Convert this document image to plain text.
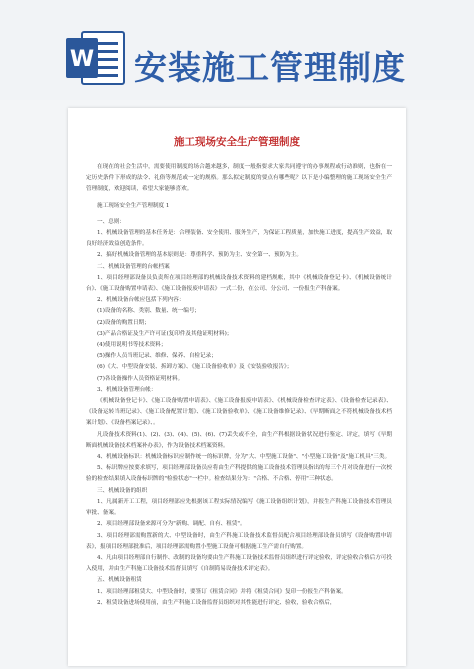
W 安装施工管理制度
施工现场安全生产管理制度

在现在的社会生活中，需要使用制度的场合越来越多，制度一般指要求大家共同遵守的办事规程或行动准则，也指在一定历史条件下形成的法令、礼俗等规范或一定的规格。那么拟定制度的要点有哪些呢？以下是小编整理的施工现场安全生产管理制度，欢迎阅读，希望大家能够喜欢。

施工现场安全生产管理制度 1

一、总则：

1、机械设备管理的基本任务是：合理装备、安全使用、服务生产，为保证工程质量，加快施工进度，提高生产效益，取良好经济效益创造条件。

2、搞好机械设备管理的基本原则是：尊重科学、预防为主、安全第一、预防为主。

二、机械设备管理的台帐档案

1、项目经理部设备员负责所在项目经理部的机械设备技术资料的建档规帐，其中《机械设备登记卡》、《机械设备统计台》、《施工设备购置申请表》、《施工设备报废申请表》一式二份，在公司、分公司、一份报生产科备案。

2、机械设备台帐应包括下列内容：

(1)设备的名称、类别、数量、统一编号；

(2)设备的购置日期；

(3)产品合格证及生产许可证(复印件及其他证明材料)；

(4)使用说明书等技术资料；

(5)操作人员当班记录、维修、保养、自检记录；

(6)《大、中型设备安装、拆卸方案》、《施工设备验收单》及《安装验收报告》；

(7)各设备操作人员资格证明材料。

3、机械设备管理台帐：

《机械设备登记卡》、《施工设备购置申请表》、《施工设备报废申请表》、《机械设备检查评定表》、《设备检查记录表》、《设备运转当班记录》、《施工设备配置计划》、《施工设备验收单》、《施工设备维修记录》、《早期断面之不符机械设备技术档案计划》、《设备档案记录》、。

凡设备技术资料(1)、(2)、(3)、(4)、(5)、(6)、(7)丢失或不全，由生产科根据设备状况进行鉴定、评定，填写《早期断面机械设备技术档案补办表》，作为设备技术档案资料。

4、机械设备标识：机械设备标识应制作统一的标识牌，分为"大、中型施工设备"、"小型施工设备"及"施工机具"三类。

5、标识牌应按要求填写，项目经理部设备员应将由生产科提供的施工设备技术管理员指出的每三个月对设备进行一次校验的检查结果填入设备标识牌的"检验状态"一栏中。检查结果分为："合格、不合格、停用"三种状态。

三、机械设备的组织

1、凡属新开工工程，项目经理部应先根据该工程实际情况编写《施工设备组织计划》，并报生产科施工设备技术管理员审批、备案。

2、项目经理部设备来源可分为"新购、调配、自有、租赁"。

3、项目经理部需购置新的大、中型设备时，由生产科施工设备技术监督员配合项目经理部设备员填写《设备购置申请表》，报项目经理部批准后，项目经理部需购置小型施工设备可根据施工生产需自行购置。

4、凡由项目经理部自行制作、改制的设备均要由生产科施工设备技术监督员组织进行评定验收，评定验收合格后方可投入使用，并由生产科施工设备技术监督员填写《自制简易设备技术评定表》。

五、机械设备租赁

1、项目经理部租赁大、中型设备时，要签订《租赁合同》并将《租赁合同》复印一份报生产科备案。

2、租赁设备进场使用前，由生产科施工设备监督员组织对其性能进行评定、验收，验收合格后，
